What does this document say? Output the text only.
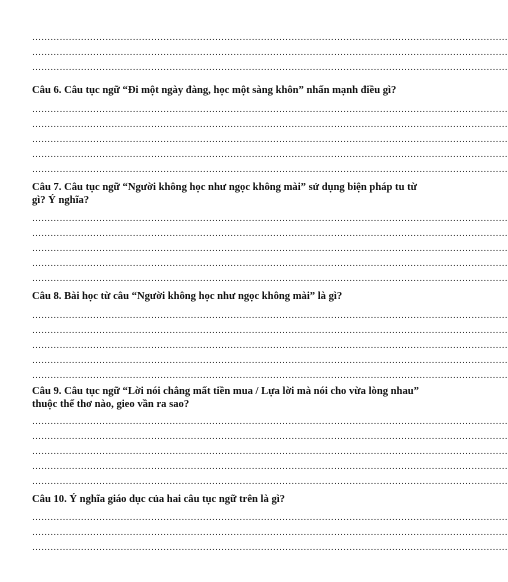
…………………………………………………………………………………………………………………………………………
…………………………………………………………………………………………………………………………………………
…………………………………………………………………………………………………………………………………………
Câu 6. Câu tục ngữ “Đi một ngày đàng, học một sàng khôn” nhấn mạnh điều gì?
…………………………………………………………………………………………………………………………………………
…………………………………………………………………………………………………………………………………………
…………………………………………………………………………………………………………………………………………
…………………………………………………………………………………………………………………………………………
…………………………………………………………………………………………………………………………………………
Câu 7. Câu tục ngữ “Người không học như ngọc không mài” sử dụng biện pháp tu từ gì? Ý nghĩa?
…………………………………………………………………………………………………………………………………………
…………………………………………………………………………………………………………………………………………
…………………………………………………………………………………………………………………………………………
…………………………………………………………………………………………………………………………………………
…………………………………………………………………………………………………………………………………………
Câu 8. Bài học từ câu “Người không học như ngọc không mài” là gì?
…………………………………………………………………………………………………………………………………………
…………………………………………………………………………………………………………………………………………
…………………………………………………………………………………………………………………………………………
…………………………………………………………………………………………………………………………………………
…………………………………………………………………………………………………………………………………………
Câu 9. Câu tục ngữ “Lời nói chẳng mất tiền mua / Lựa lời mà nói cho vừa lòng nhau” thuộc thể thơ nào, gieo vần ra sao?
…………………………………………………………………………………………………………………………………………
…………………………………………………………………………………………………………………………………………
…………………………………………………………………………………………………………………………………………
…………………………………………………………………………………………………………………………………………
…………………………………………………………………………………………………………………………………………
Câu 10. Ý nghĩa giáo dục của hai câu tục ngữ trên là gì?
…………………………………………………………………………………………………………………………………………
…………………………………………………………………………………………………………………………………………
…………………………………………………………………………………………………………………………………………
